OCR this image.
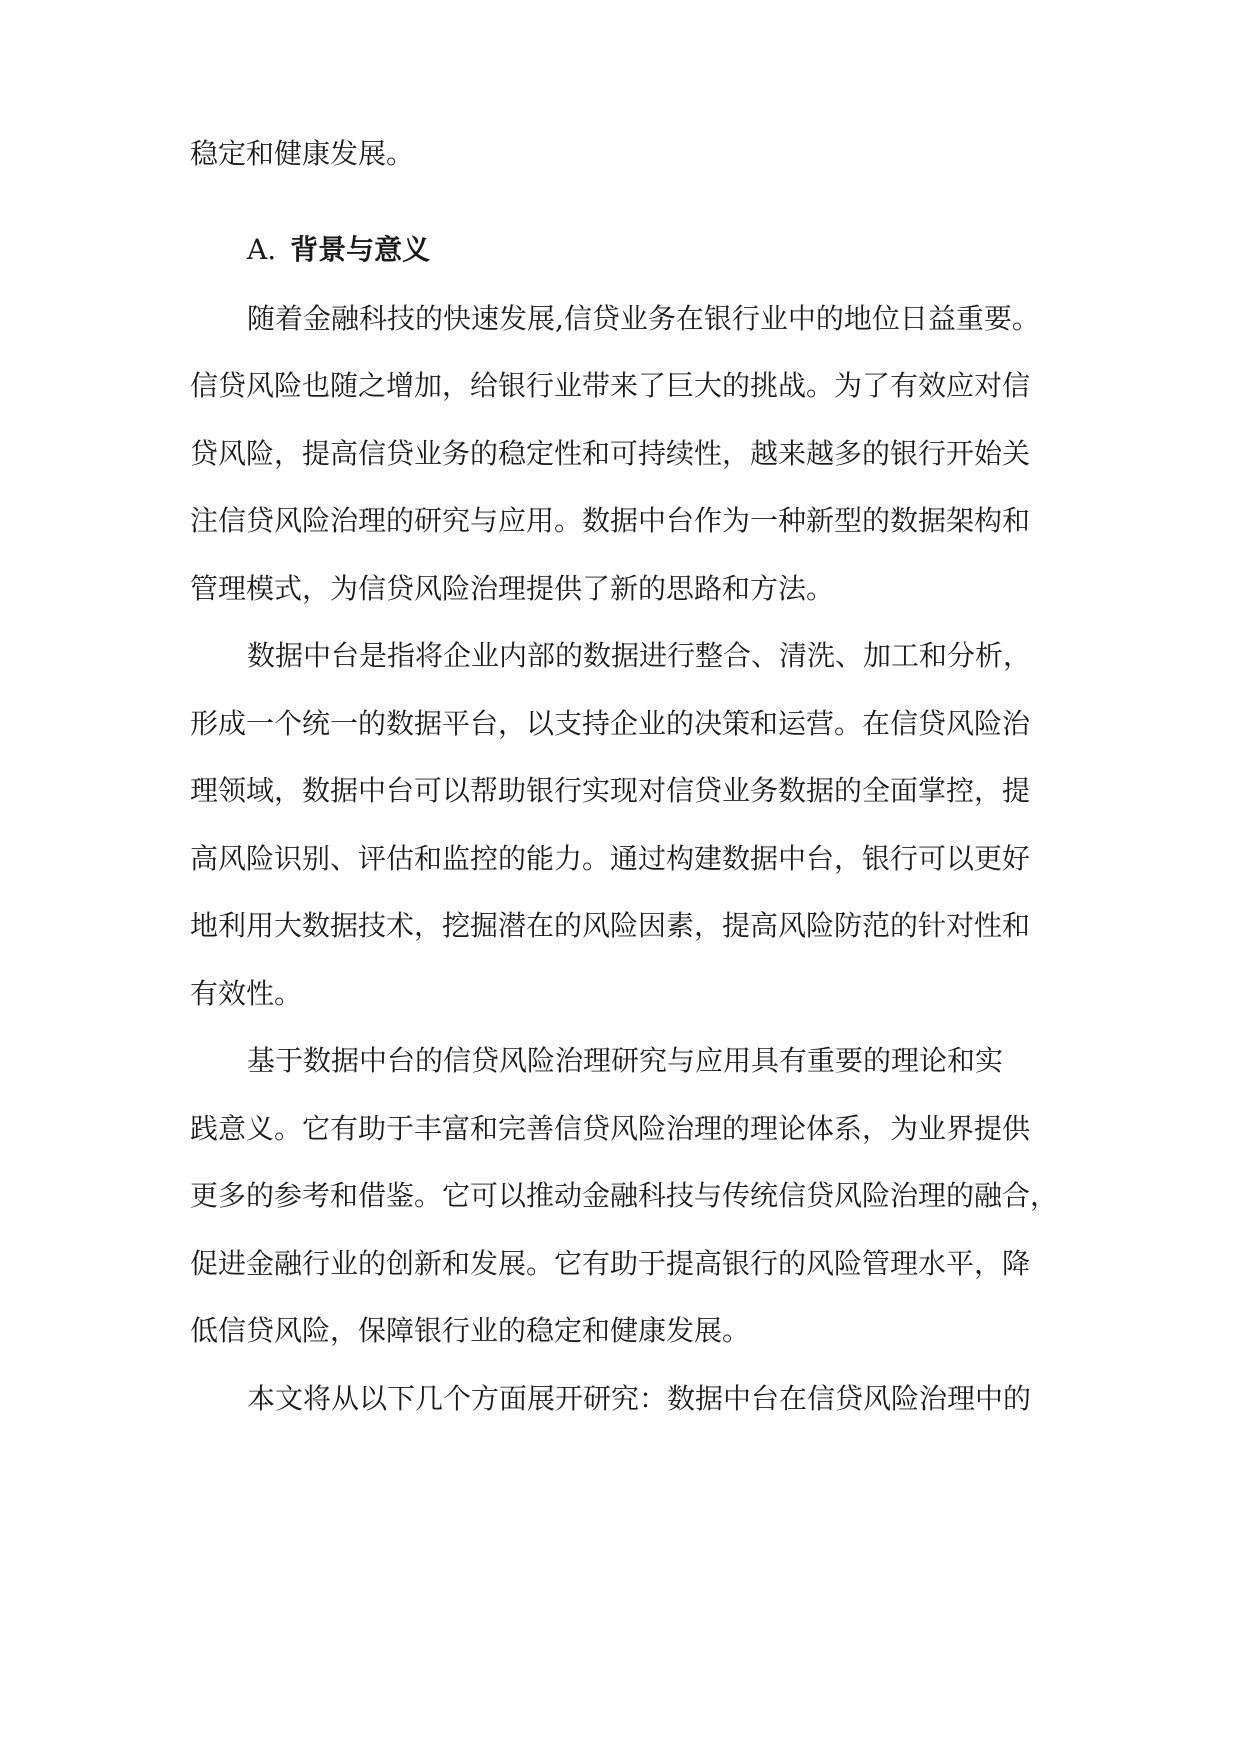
稳定和健康发展。
A. 背景与意义
随着金融科技的快速发展,信贷业务在银行业中的地位日益重要。
信贷风险也随之增加，给银行业带来了巨大的挑战。为了有效应对信
贷风险，提高信贷业务的稳定性和可持续性，越来越多的银行开始关
注信贷风险治理的研究与应用。数据中台作为一种新型的数据架构和
管理模式，为信贷风险治理提供了新的思路和方法。
数据中台是指将企业内部的数据进行整合、清洗、加工和分析，
形成一个统一的数据平台，以支持企业的决策和运营。在信贷风险治
理领域，数据中台可以帮助银行实现对信贷业务数据的全面掌控，提
高风险识别、评估和监控的能力。通过构建数据中台，银行可以更好
地利用大数据技术，挖掘潜在的风险因素，提高风险防范的针对性和
有效性。
基于数据中台的信贷风险治理研究与应用具有重要的理论和实
践意义。它有助于丰富和完善信贷风险治理的理论体系，为业界提供
更多的参考和借鉴。它可以推动金融科技与传统信贷风险治理的融合，
促进金融行业的创新和发展。它有助于提高银行的风险管理水平，降
低信贷风险，保障银行业的稳定和健康发展。
本文将从以下几个方面展开研究：数据中台在信贷风险治理中的
